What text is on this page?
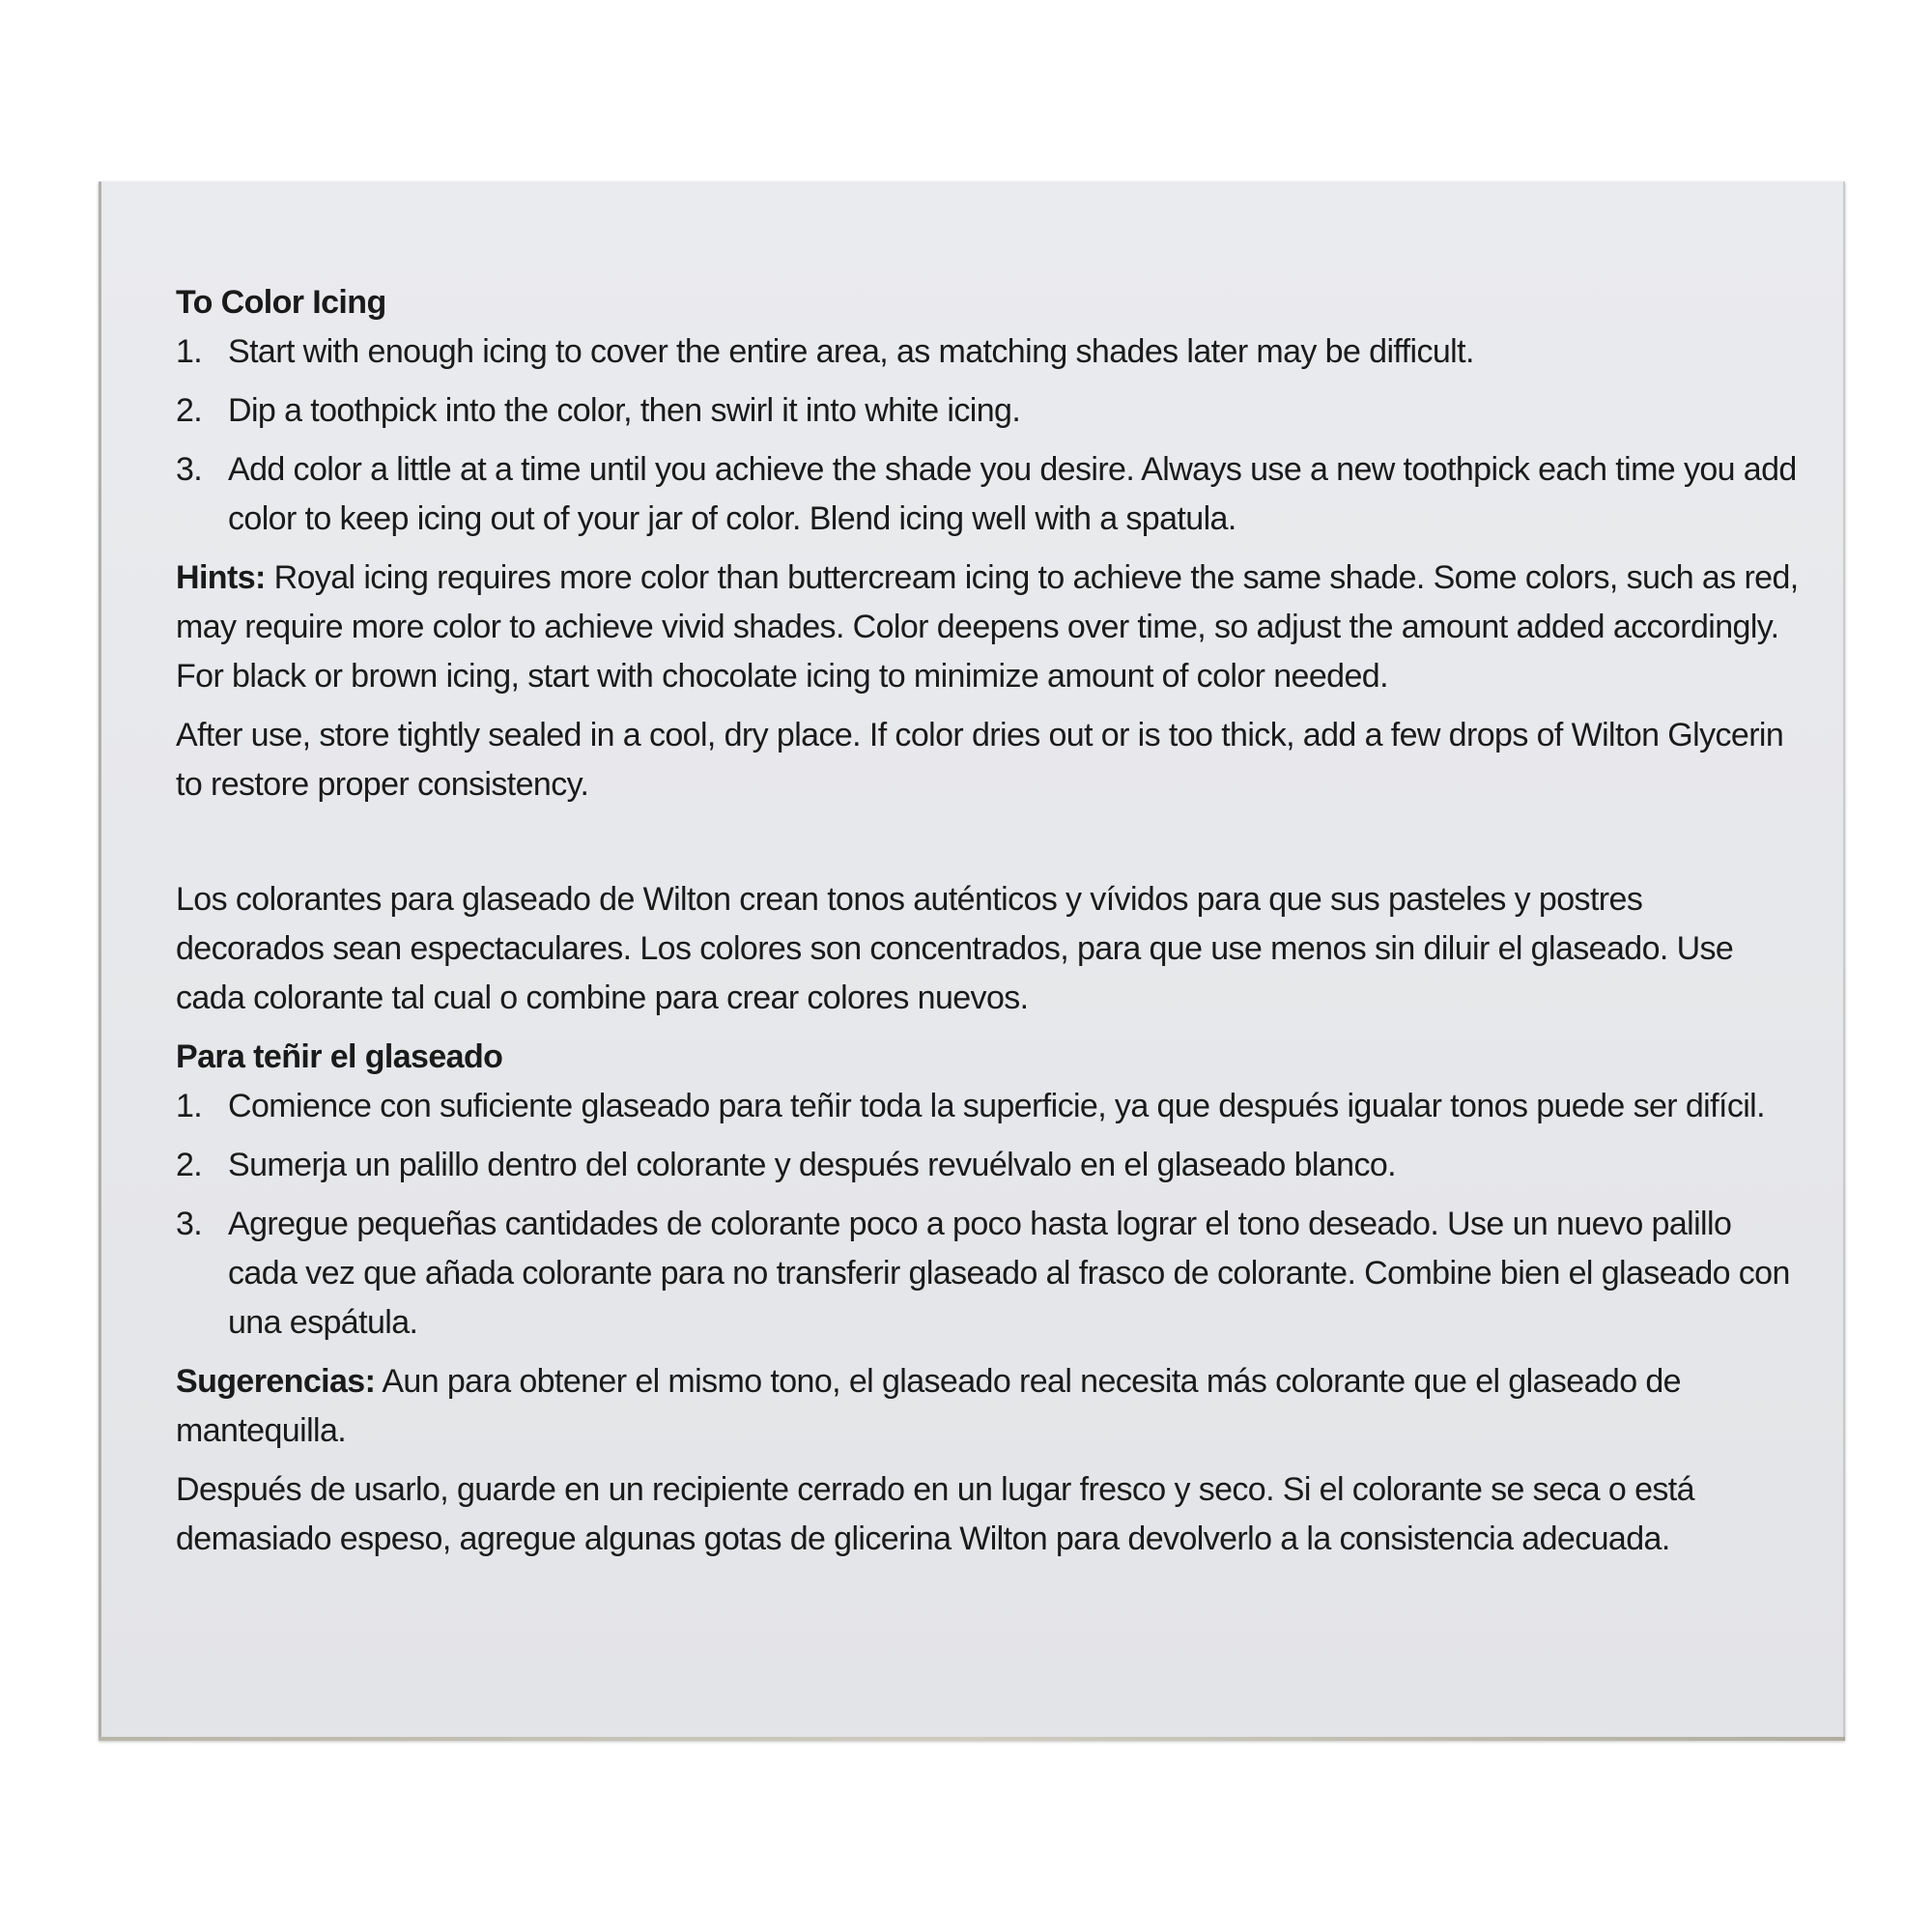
To Color Icing

1. Start with enough icing to cover the entire area, as matching shades later may be difficult.
2. Dip a toothpick into the color, then swirl it into white icing.
3. Add color a little at a time until you achieve the shade you desire. Always use a new toothpick each time you add color to keep icing out of your jar of color. Blend icing well with a spatula.

Hints: Royal icing requires more color than buttercream icing to achieve the same shade. Some colors, such as red, may require more color to achieve vivid shades. Color deepens over time, so adjust the amount added accordingly. For black or brown icing, start with chocolate icing to minimize amount of color needed.

After use, store tightly sealed in a cool, dry place. If color dries out or is too thick, add a few drops of Wilton Glycerin to restore proper consistency.

Los colorantes para glaseado de Wilton crean tonos auténticos y vívidos para que sus pasteles y postres decorados sean espectaculares. Los colores son concentrados, para que use menos sin diluir el glaseado. Use cada colorante tal cual o combine para crear colores nuevos.

Para teñir el glaseado

1. Comience con suficiente glaseado para teñir toda la superficie, ya que después igualar tonos puede ser difícil.
2. Sumerja un palillo dentro del colorante y después revuélvalo en el glaseado blanco.
3. Agregue pequeñas cantidades de colorante poco a poco hasta lograr el tono deseado. Use un nuevo palillo cada vez que añada colorante para no transferir glaseado al frasco de colorante. Combine bien el glaseado con una espátula.

Sugerencias: Aun para obtener el mismo tono, el glaseado real necesita más colorante que el glaseado de mantequilla.

Después de usarlo, guarde en un recipiente cerrado en un lugar fresco y seco. Si el colorante se seca o está demasiado espeso, agregue algunas gotas de glicerina Wilton para devolverlo a la consistencia adecuada.
